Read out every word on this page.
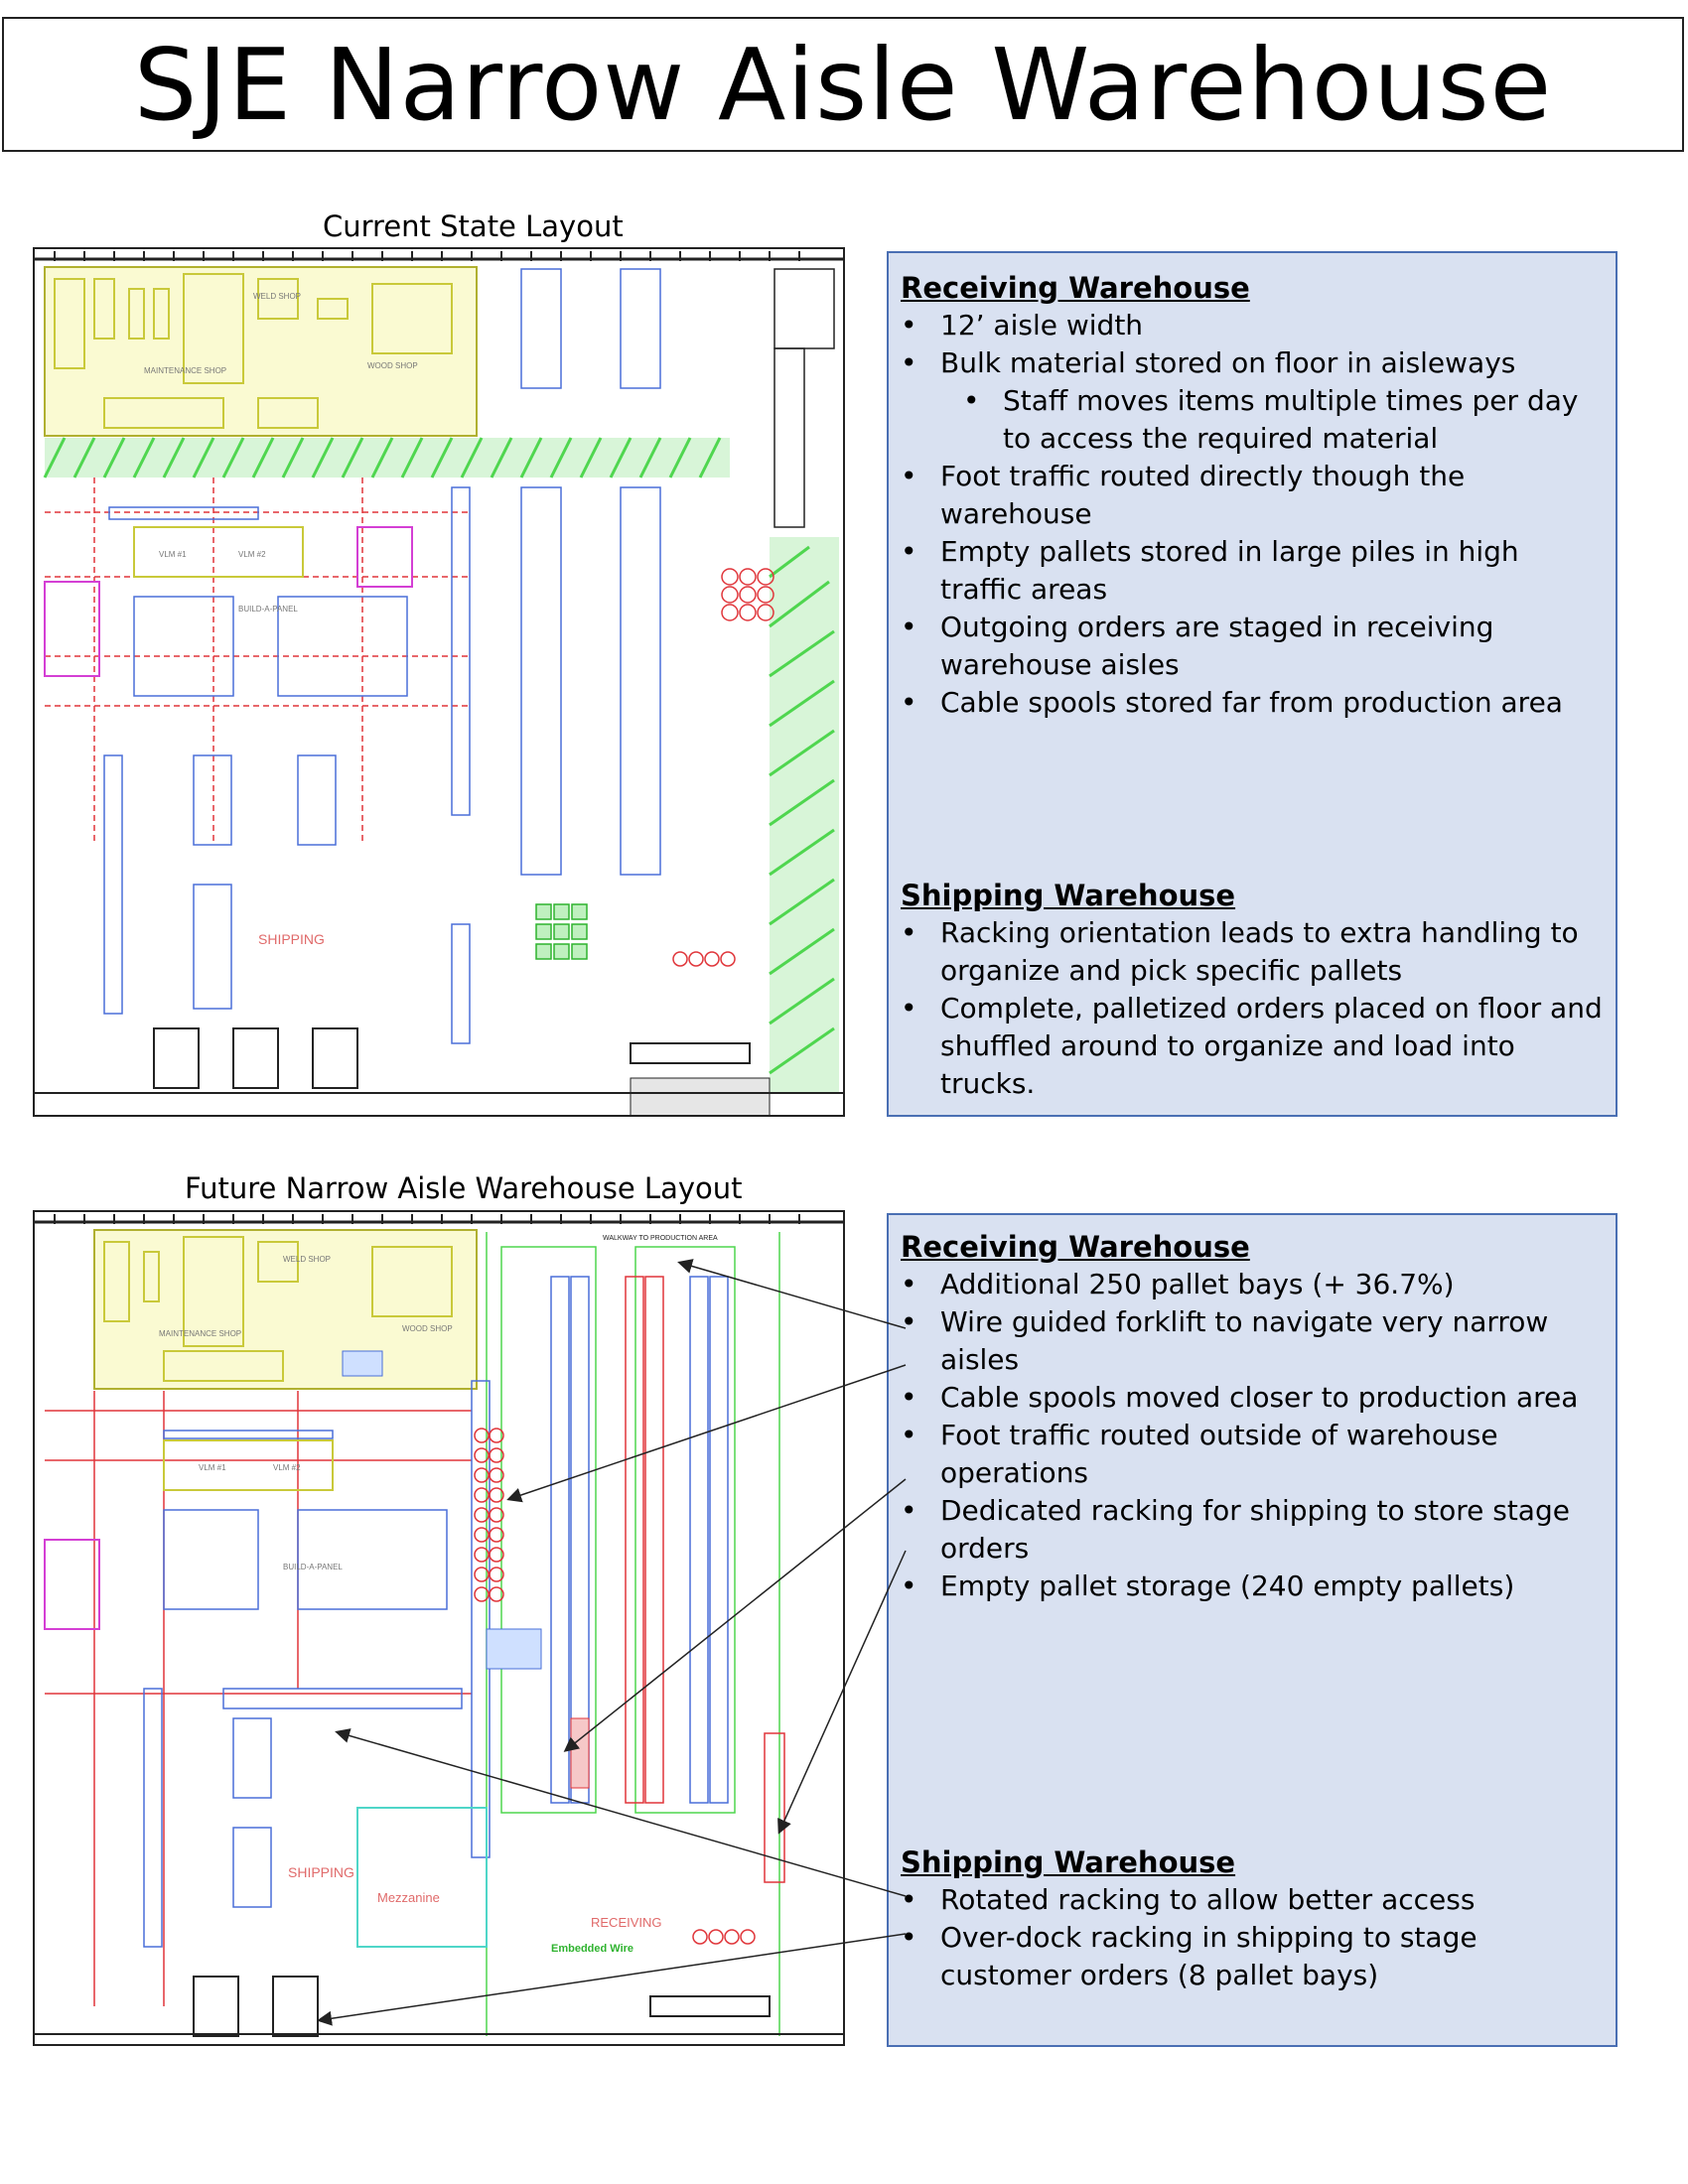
SJE Narrow Aisle Warehouse
Current State Layout
MAINTENANCE SHOP
WELD SHOP
WOOD SHOP
VLM #1	VLM #2
BUILD-A-PANEL
SHIPPING
Receiving Warehouse
• 12’ aisle width
• Bulk material stored on floor in aisleways
• Staff moves items multiple times per day to access the required material
• Foot traffic routed directly though the warehouse
• Empty pallets stored in large piles in high traffic areas
• Outgoing orders are staged in receiving warehouse aisles
• Cable spools stored far from production area
Shipping Warehouse
• Racking orientation leads to extra handling to organize and pick specific pallets
• Complete, palletized orders placed on floor and shuffled around to organize and load into trucks.
Future Narrow Aisle Warehouse Layout
MAINTENANCE SHOP
WELD SHOP
WOOD SHOP
VLM #1	VLM #2
BUILD-A-PANEL
SHIPPING
Mezzanine
RECEIVING
Embedded Wire
WALKWAY TO PRODUCTION AREA	Receiving Warehouse
• Additional 250 pallet bays (+ 36.7%)
• Wire guided forklift to navigate very narrow aisles
• Cable spools moved closer to production area
• Foot traffic routed outside of warehouse operations
• Dedicated racking for shipping to store stage orders
• Empty pallet storage (240 empty pallets)
Shipping Warehouse
• Rotated racking to allow better access
• Over-dock racking in shipping to stage customer orders (8 pallet bays)
